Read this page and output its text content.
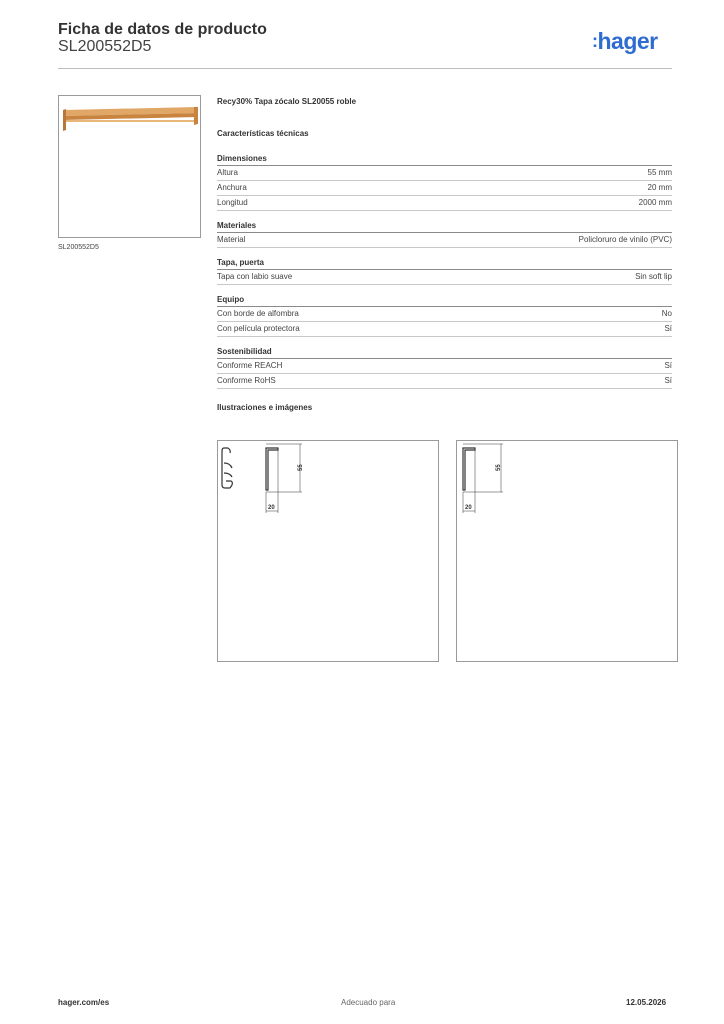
Ficha de datos de producto
SL200552D5	:hager
SL200552D5
Recy30% Tapa zócalo SL20055 roble
Características técnicas
Dimensiones
Altura	55 mm
Anchura	20 mm
Longitud	2000 mm
Materiales
Material	Policloruro de vinilo (PVC)
Tapa, puerta
Tapa con labio suave	Sin soft lip
Equipo
Con borde de alfombra	No
Con película protectora	Sí
Sostenibilidad
Conforme REACH	Sí
Conforme RoHS	Sí
Ilustraciones e imágenes
55
20
55
20
hager.com/es	Adecuado para	12.05.2026
